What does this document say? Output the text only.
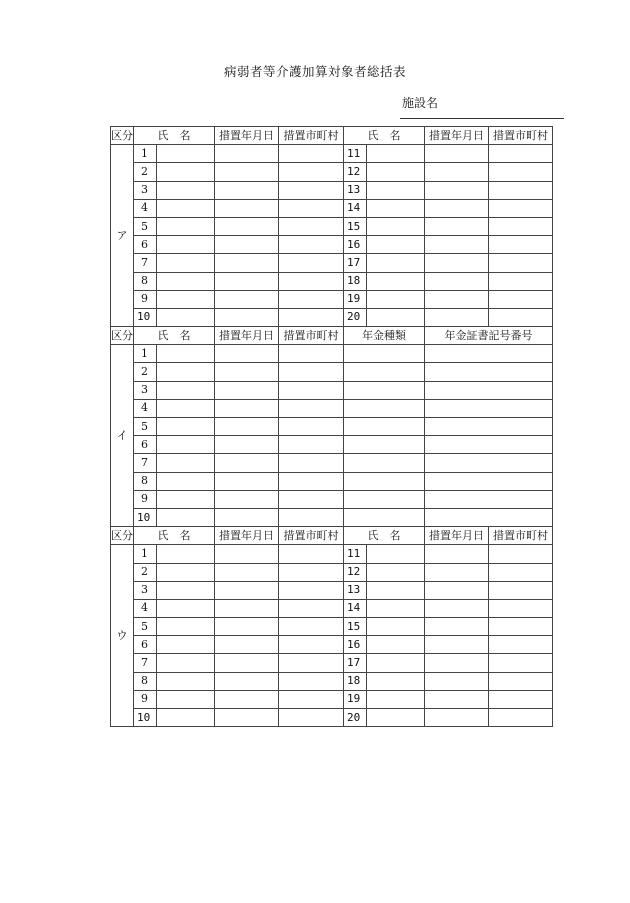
病弱者等介護加算対象者総括表
施設名
区分	氏　名		措置年月日	措置市町村	氏　名		措置年月日	措置市町村
ア	1				11			
	2				12			
	3				13			
	4				14			
	5				15			
	6				16			
	7				17			
	8				18			
	9				19			
	10				20			
区分	氏　名		措置年月日	措置市町村	年金種類		年金証書記号番号	
イ	1							
	2							
	3							
	4							
	5							
	6							
	7							
	8							
	9							
	10							
区分	氏　名		措置年月日	措置市町村	氏　名		措置年月日	措置市町村
ウ	1				11			
	2				12			
	3				13			
	4				14			
	5				15			
	6				16			
	7				17			
	8				18			
	9				19			
	10				20			
